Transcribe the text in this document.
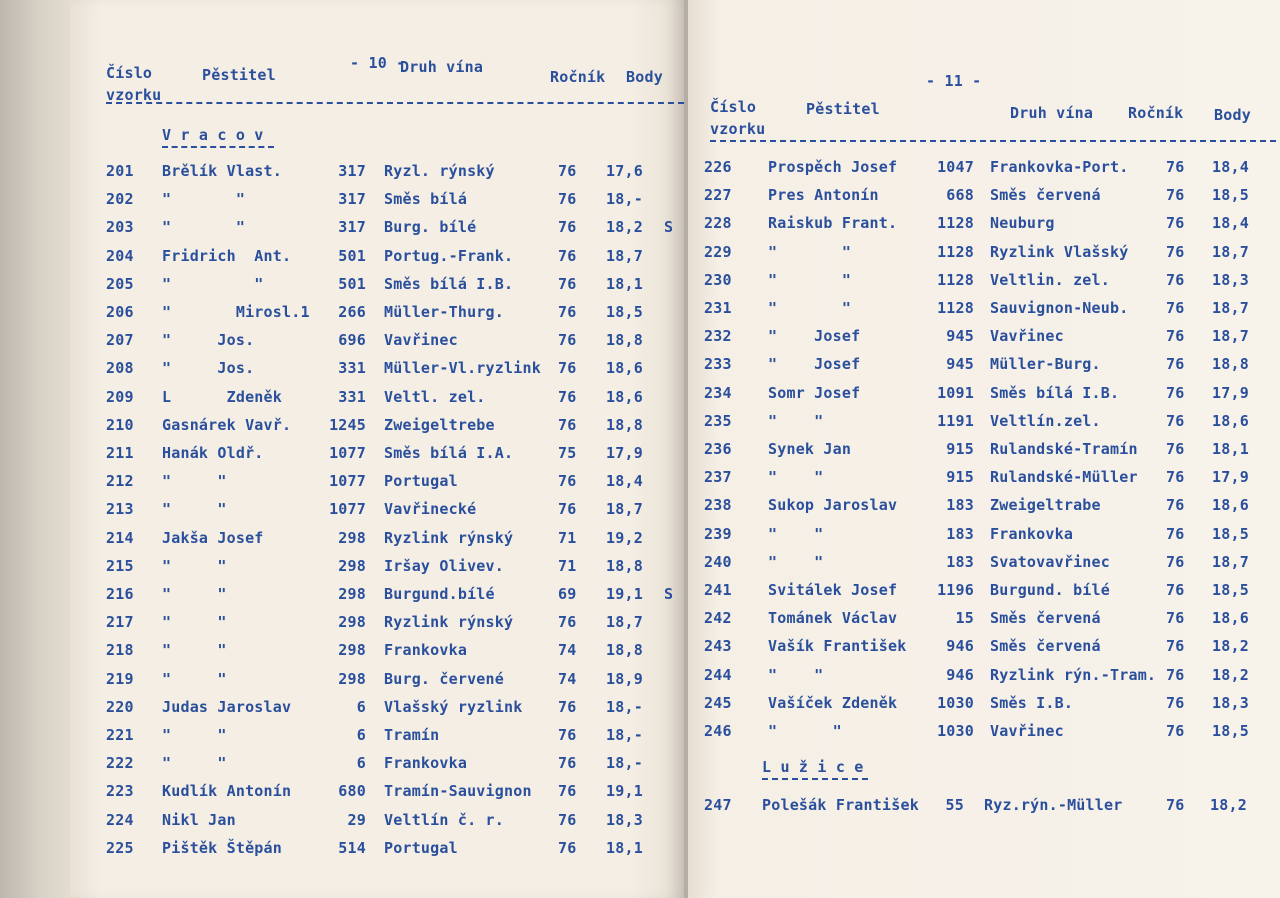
Číslo
vzorku
Pěstitel
- 10 -
Druh vína
Ročník Body
V r a c o v
201 Brělík Vlast.	317 Ryzl. rýnský	76 17,6
202 "       "	317 Směs bílá	76 18,-
203 "       "	317 Burg. bílé	76 18,2 S
204 Fridrich  Ant.	501 Portug.-Frank.	76 18,7
205 "         "	501 Směs bílá I.B.	76 18,1
206 "       Mirosl.1 266 Müller-Thurg.	76 18,5
207 "     Jos.	696 Vavřinec	76 18,8
208 "     Jos.	331 Müller-Vl.ryzlink 76 18,6
209 L      Zdeněk	331 Veltl. zel.	76 18,6
210 Gasnárek Vavř.	1245 Zweigeltrebe	76 18,8
211 Hanák Oldř.	1077 Směs bílá I.A.	75 17,9
212 "     "	1077 Portugal	76 18,4
213 "     "	1077 Vavřinecké	76 18,7
214 Jakša Josef	298 Ryzlink rýnský	71 19,2
215 "     "	298 Iršay Olivev.	71 18,8
216 "     "	298 Burgund.bílé	69 19,1 S
217 "     "	298 Ryzlink rýnský	76 18,7
218 "     "	298 Frankovka	74 18,8
219 "     "	298 Burg. červené	74 18,9
220 Judas Jaroslav	6 Vlašský ryzlink 76 18,-
221 "     "	6 Tramín	76 18,-
222 "     "	6 Frankovka	76 18,-
223 Kudlík Antonín	680 Tramín-Sauvignon 76 19,1
224 Nikl Jan	29 Veltlín č. r.	76 18,3
225 Pištěk Štěpán	514 Portugal	76 18,1
- 11 -
Číslo
vzorku
Pěstitel	Druh vína Ročník Body
226 Prospěch Josef	1047 Frankovka-Port.	76 18,4
227 Pres Antonín	668 Směs červená	76 18,5
228 Raiskub Frant.	1128 Neuburg	76 18,4
229 "       "	1128 Ryzlink Vlašský	76 18,7
230 "       "	1128 Veltlin. zel.	76 18,3
231 "       "	1128 Sauvignon-Neub.	76 18,7
232 "    Josef	945 Vavřinec	76 18,7
233 "    Josef	945 Müller-Burg.	76 18,8
234 Somr Josef	1091 Směs bílá I.B.	76 17,9
235 "    "	1191 Veltlín.zel.	76 18,6
236 Synek Jan	915 Rulandské-Tramín 76 18,1
237 "    "	915 Rulandské-Müller 76 17,9
238 Sukop Jaroslav	183 Zweigeltrabe	76 18,6
239 "    "	183 Frankovka	76 18,5
240 "    "	183 Svatovavřinec	76 18,7
241 Svitálek Josef	1196 Burgund. bílé	76 18,5
242 Tománek Václav	15 Směs červená	76 18,6
243 Vašík František	946 Směs červená	76 18,2
244 "    "	946 Ryzlink rýn.-Tram. 76 18,2
245 Vašíček Zdeněk	1030 Směs I.B.	76 18,3
246 "      "	1030 Vavřinec	76 18,5
L u ž i c e
247 Polešák František 55 Ryz.rýn.-Müller	76 18,2
